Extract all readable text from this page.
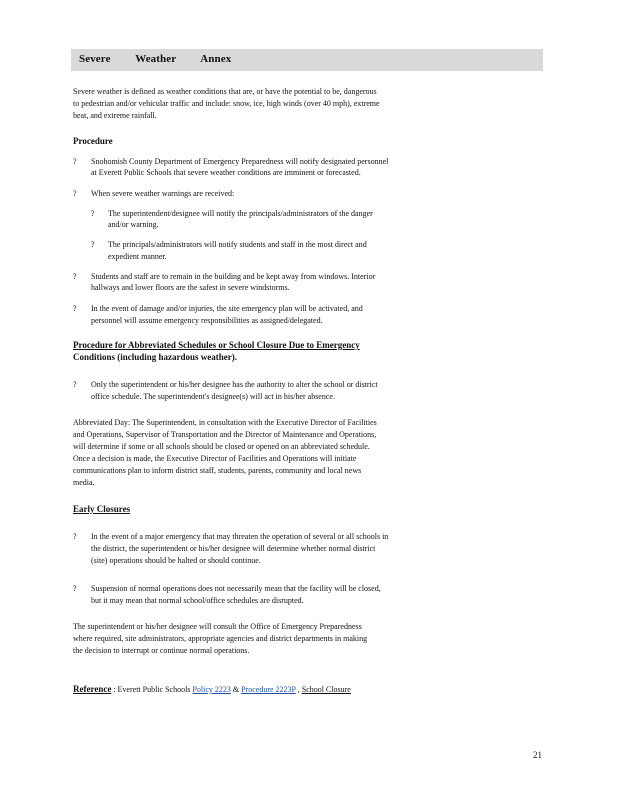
Severe Weather Annex
Severe weather is defined as weather conditions that are, or have the potential to be, dangerous
to pedestrian and/or vehicular traffic and include: snow, ice, high winds (over 40 mph), extreme
heat, and extreme rainfall.
Procedure
? Snohomish County Department of Emergency Preparedness will notify designated personnel
at Everett Public Schools that severe weather conditions are imminent or forecasted.
? When severe weather warnings are received:
? The superintendent/designee will notify the principals/administrators of the danger
and/or warning.
? The principals/administrators will notify students and staff in the most direct and
expedient manner.
? Students and staff are to remain in the building and be kept away from windows. Interior
hallways and lower floors are the safest in severe windstorms.
? In the event of damage and/or injuries, the site emergency plan will be activated, and
personnel will assume emergency responsibilities as assigned/delegated.
Procedure for Abbreviated Schedules or School Closure Due to Emergency
Conditions (including hazardous weather).
? Only the superintendent or his/her designee has the authority to alter the school or district
office schedule. The superintendent's designee(s) will act in his/her absence.
Abbreviated Day: The Superintendent, in consultation with the Executive Director of Facilities
and Operations, Supervisor of Transportation and the Director of Maintenance and Operations,
will determine if some or all schools should be closed or opened on an abbreviated schedule.
Once a decision is made, the Executive Director of Facilities and Operations will initiate
communications plan to inform district staff, students, parents, community and local news
media.
Early Closures
? In the event of a major emergency that may threaten the operation of several or all schools in
the district, the superintendent or his/her designee will determine whether normal district
(site) operations should be halted or should continue.
? Suspension of normal operations does not necessarily mean that the facility will be closed,
but it may mean that normal school/office schedules are disrupted.
The superintendent or his/her designee will consult the Office of Emergency Preparedness
where required, site administrators, appropriate agencies and district departments in making
the decision to interrupt or continue normal operations.
Reference : Everett Public Schools Policy 2223 & Procedure 2223P , School Closure
21
